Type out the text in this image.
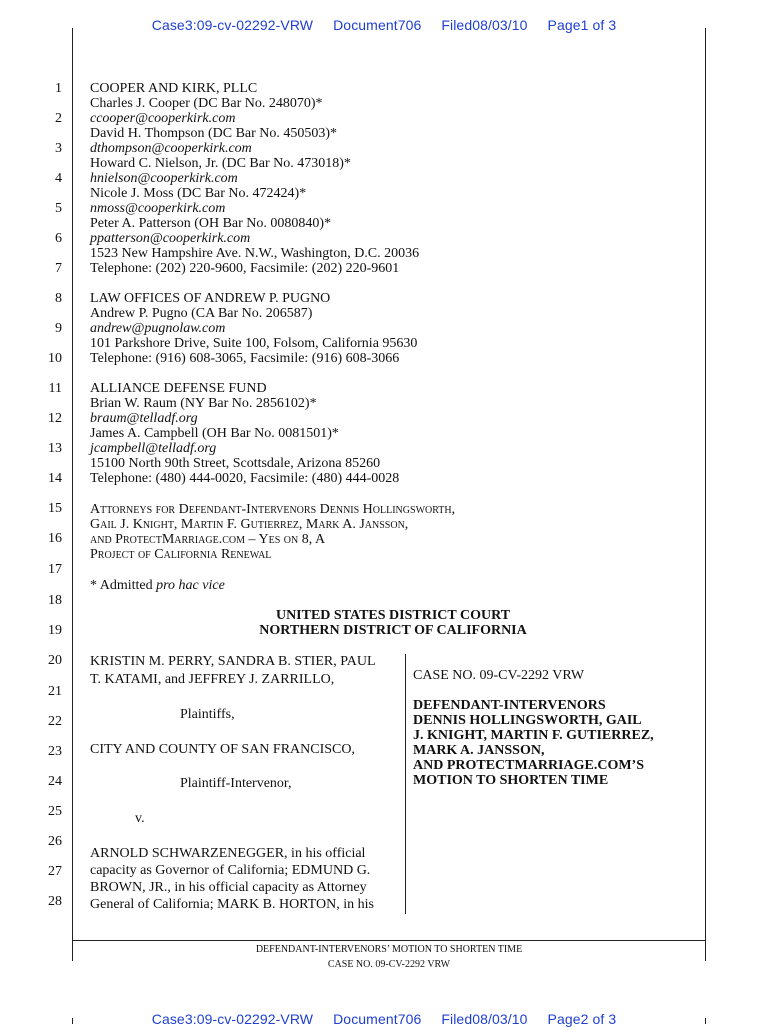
Case3:09-cv-02292-VRW Document706 Filed08/03/10 Page1 of 3
1
2
3
4
5
6
7
8
9
10
11
12
13
14
15
16
17
18
19
20
21
22
23
24
25
26
27
28
COOPER AND KIRK, PLLC
Charles J. Cooper (DC Bar No. 248070)*
ccooper@cooperkirk.com
David H. Thompson (DC Bar No. 450503)*
dthompson@cooperkirk.com
Howard C. Nielson, Jr. (DC Bar No. 473018)*
hnielson@cooperkirk.com
Nicole J. Moss (DC Bar No. 472424)*
nmoss@cooperkirk.com
Peter A. Patterson (OH Bar No. 0080840)*
ppatterson@cooperkirk.com
1523 New Hampshire Ave. N.W., Washington, D.C. 20036
Telephone: (202) 220-9600, Facsimile: (202) 220-9601
LAW OFFICES OF ANDREW P. PUGNO
Andrew P. Pugno (CA Bar No. 206587)
andrew@pugnolaw.com
101 Parkshore Drive, Suite 100, Folsom, California 95630
Telephone: (916) 608-3065, Facsimile: (916) 608-3066
ALLIANCE DEFENSE FUND
Brian W. Raum (NY Bar No. 2856102)*
braum@telladf.org
James A. Campbell (OH Bar No. 0081501)*
jcampbell@telladf.org
15100 North 90th Street, Scottsdale, Arizona 85260
Telephone: (480) 444-0020, Facsimile: (480) 444-0028
Attorneys for Defendant-Intervenors Dennis Hollingsworth,
Gail J. Knight, Martin F. Gutierrez, Mark A. Jansson,
and ProtectMarriage.com – Yes on 8, A
Project of California Renewal
* Admitted pro hac vice
UNITED STATES DISTRICT COURT
NORTHERN DISTRICT OF CALIFORNIA
KRISTIN M. PERRY, SANDRA B. STIER, PAUL
T. KATAMI, and JEFFREY J. ZARRILLO,
Plaintiffs,
CITY AND COUNTY OF SAN FRANCISCO,
Plaintiff-Intervenor,
v.
ARNOLD SCHWARZENEGGER, in his official
capacity as Governor of California; EDMUND G.
BROWN, JR., in his official capacity as Attorney
General of California; MARK B. HORTON, in his
CASE NO. 09-CV-2292 VRW
DEFENDANT-INTERVENORS
DENNIS HOLLINGSWORTH, GAIL
J. KNIGHT, MARTIN F. GUTIERREZ,
MARK A. JANSSON,
AND PROTECTMARRIAGE.COM’S
MOTION TO SHORTEN TIME
DEFENDANT-INTERVENORS’ MOTION TO SHORTEN TIME
CASE NO. 09-CV-2292 VRW
Case3:09-cv-02292-VRW Document706 Filed08/03/10 Page2 of 3
